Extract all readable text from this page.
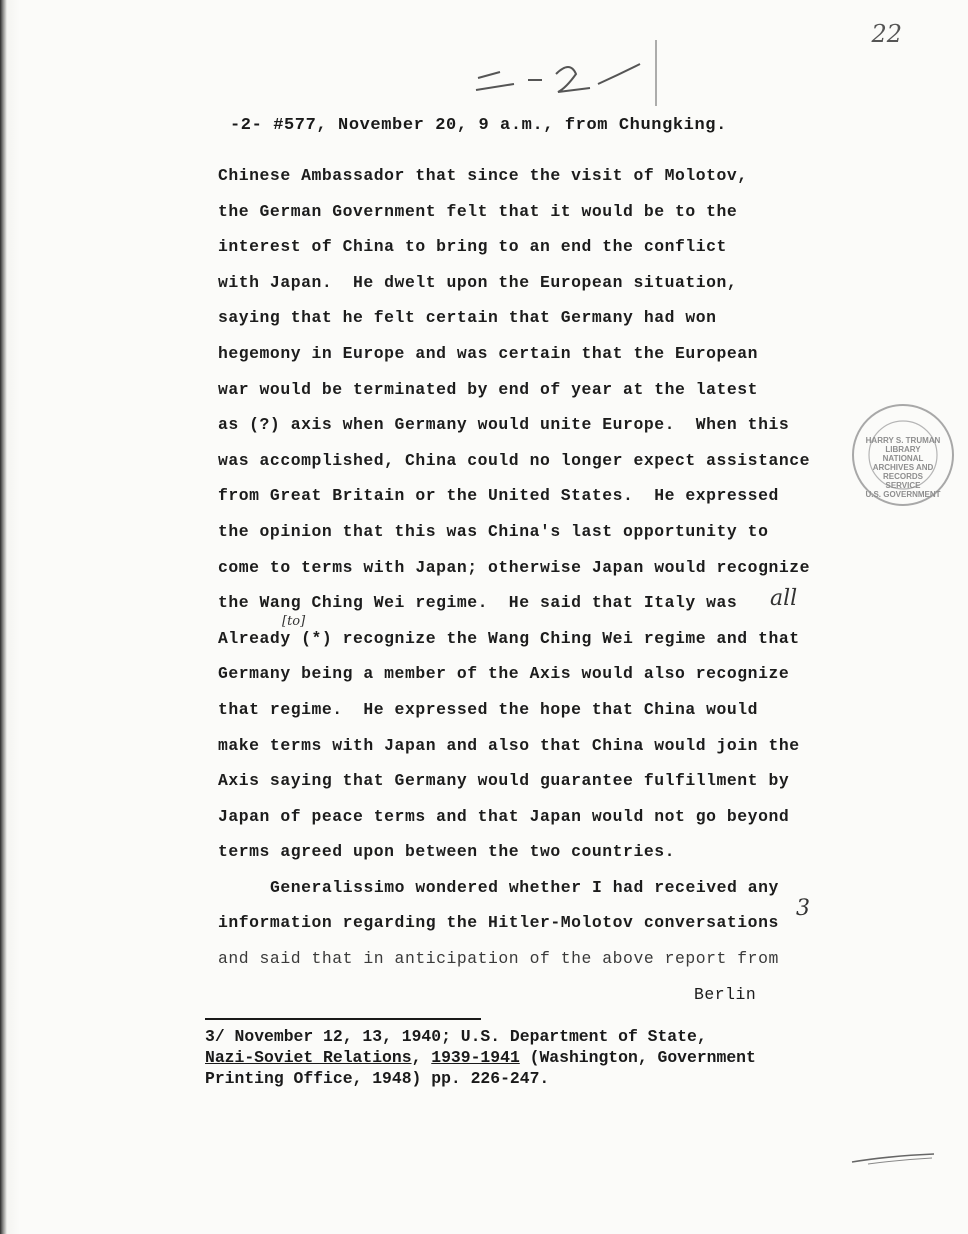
22
-2- #577, November 20, 9 a.m., from Chungking.
Chinese Ambassador that since the visit of Molotov,
the German Government felt that it would be to the
interest of China to bring to an end the conflict
with Japan.  He dwelt upon the European situation,
saying that he felt certain that Germany had won
hegemony in Europe and was certain that the European
war would be terminated by end of year at the latest
as (?) axis when Germany would unite Europe.  When this
was accomplished, China could no longer expect assistance
from Great Britain or the United States.  He expressed
the opinion that this was China's last opportunity to
come to terms with Japan; otherwise Japan would recognize
the Wang Ching Wei regime.  He said that Italy was
Already (*) recognize the Wang Ching Wei regime and that
Germany being a member of the Axis would also recognize
that regime.  He expressed the hope that China would
make terms with Japan and also that China would join the
Axis saying that Germany would guarantee fulfillment by
Japan of peace terms and that Japan would not go beyond
terms agreed upon between the two countries.
Generalissimo wondered whether I had received any
information regarding the Hitler-Molotov conversations
and said that in anticipation of the above report from
Berlin
all
[to]
3
HARRY S. TRUMAN LIBRARY
NATIONAL
ARCHIVES AND
RECORDS
SERVICE
U.S. GOVERNMENT
3/ November 12, 13, 1940; U.S. Department of State,
Nazi-Soviet Relations, 1939-1941 (Washington, Government
Printing Office, 1948) pp. 226-247.
